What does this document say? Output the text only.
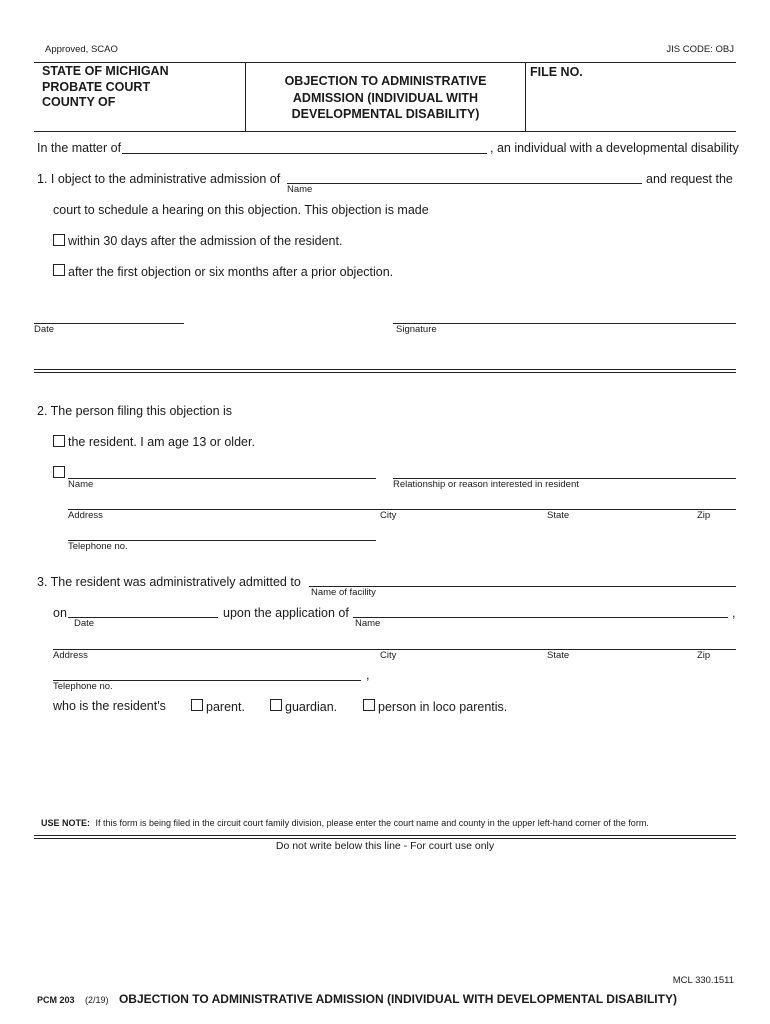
Approved, SCAO	JIS CODE: OBJ
STATE OF MICHIGAN
PROBATE COURT
COUNTY OF
OBJECTION TO ADMINISTRATIVE
ADMISSION (INDIVIDUAL WITH
DEVELOPMENTAL DISABILITY)
FILE NO.
In the matter of	, an individual with a developmental disability
1. I object to the administrative admission of
Name
and request the
court to schedule a hearing on this objection. This objection is made
within 30 days after the admission of the resident.
after the first objection or six months after a prior objection.
Date	Signature
2. The person filing this objection is
the resident. I am age 13 or older.
Name	Relationship or reason interested in resident
Address	City	State	Zip
Telephone no.
3. The resident was administratively admitted to
Name of facility
on
Date
upon the application of
Name
,
Address	City	State	Zip
Telephone no.
,
who is the resident's	parent.	guardian.	person in loco parentis.
USE NOTE: If this form is being filed in the circuit court family division, please enter the court name and county in the upper left-hand corner of the form.
Do not write below this line - For court use only
MCL 330.1511
PCM 203 (2/19) OBJECTION TO ADMINISTRATIVE ADMISSION (INDIVIDUAL WITH DEVELOPMENTAL DISABILITY)
